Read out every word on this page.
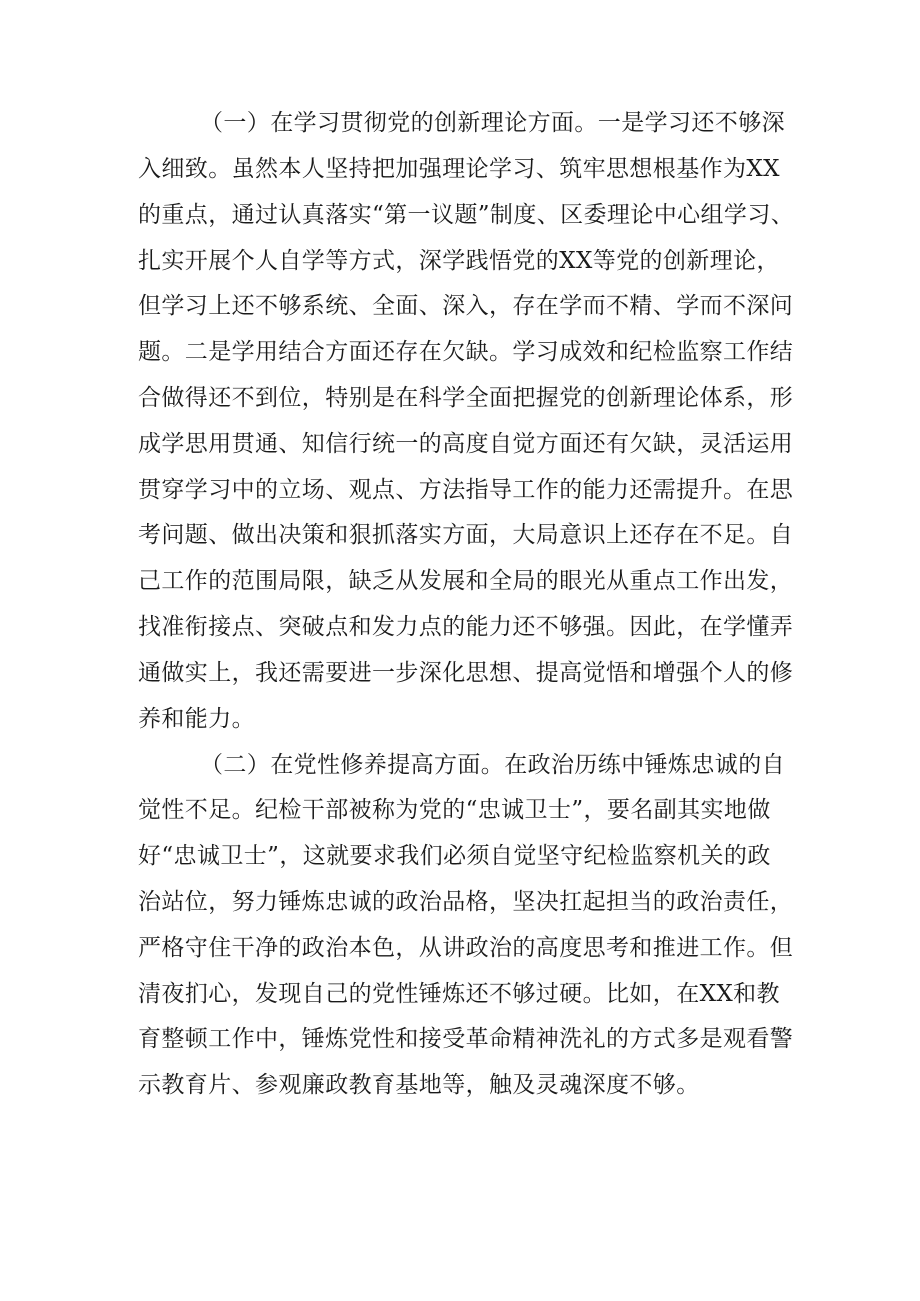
（一）在学习贯彻党的创新理论方面。一是学习还不够深
入细致。虽然本人坚持把加强理论学习、筑牢思想根基作为XX
的重点，通过认真落实“第一议题”制度、区委理论中心组学习、
扎实开展个人自学等方式，深学践悟党的XX等党的创新理论，
但学习上还不够系统、全面、深入，存在学而不精、学而不深问
题。二是学用结合方面还存在欠缺。学习成效和纪检监察工作结
合做得还不到位，特别是在科学全面把握党的创新理论体系，形
成学思用贯通、知信行统一的高度自觉方面还有欠缺，灵活运用
贯穿学习中的立场、观点、方法指导工作的能力还需提升。在思
考问题、做出决策和狠抓落实方面，大局意识上还存在不足。自
己工作的范围局限，缺乏从发展和全局的眼光从重点工作出发，
找准衔接点、突破点和发力点的能力还不够强。因此，在学懂弄
通做实上，我还需要进一步深化思想、提高觉悟和增强个人的修
养和能力。
（二）在党性修养提高方面。在政治历练中锤炼忠诚的自
觉性不足。纪检干部被称为党的“忠诚卫士”，要名副其实地做
好“忠诚卫士”，这就要求我们必须自觉坚守纪检监察机关的政
治站位，努力锤炼忠诚的政治品格，坚决扛起担当的政治责任，
严格守住干净的政治本色，从讲政治的高度思考和推进工作。但
清夜扪心，发现自己的党性锤炼还不够过硬。比如，在XX和教
育整顿工作中，锤炼党性和接受革命精神洗礼的方式多是观看警
示教育片、参观廉政教育基地等，触及灵魂深度不够。
